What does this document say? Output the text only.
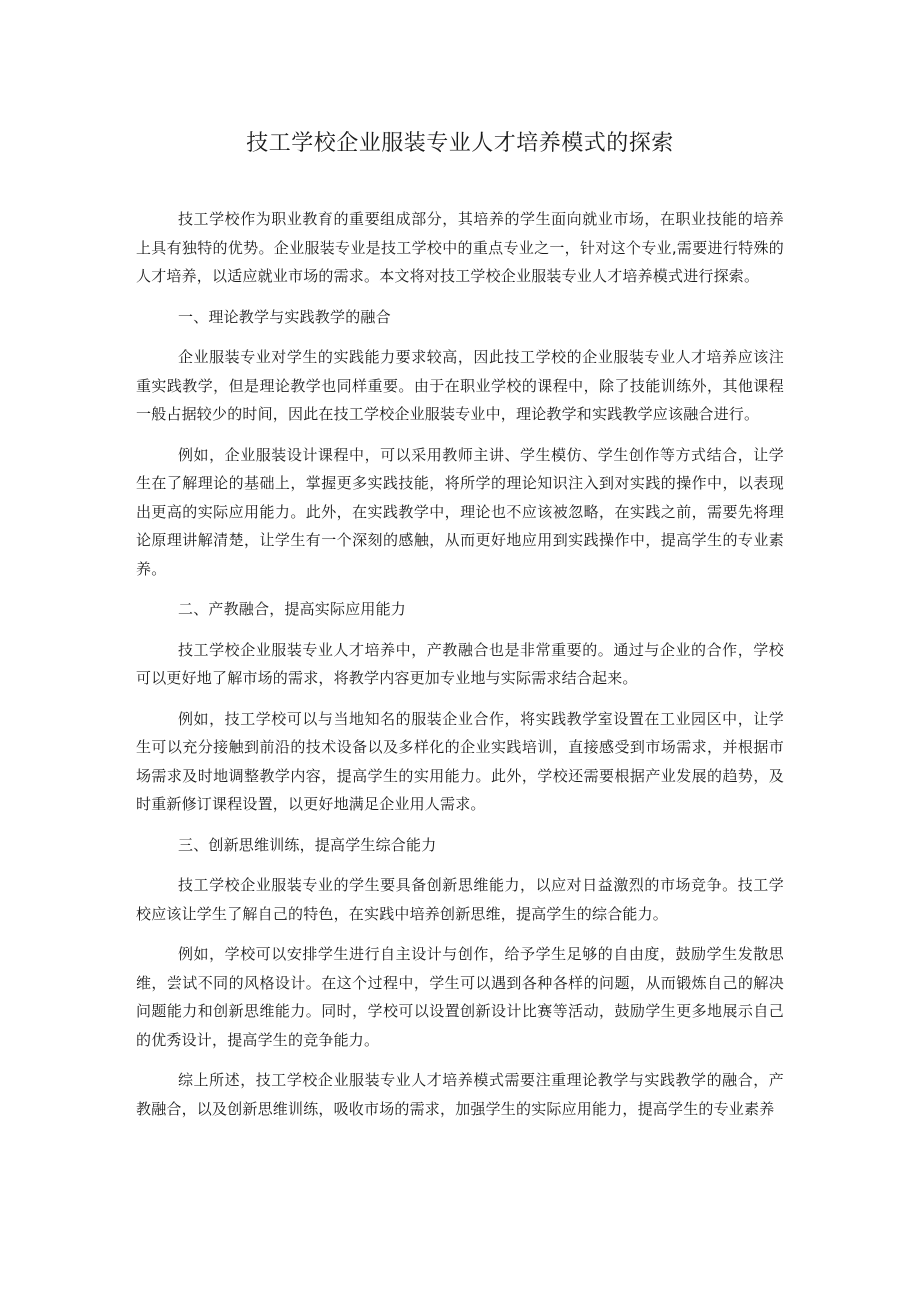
技工学校企业服装专业人才培养模式的探索

技工学校作为职业教育的重要组成部分，其培养的学生面向就业市场，在职业技能的培养上具有独特的优势。企业服装专业是技工学校中的重点专业之一，针对这个专业,需要进行特殊的人才培养，以适应就业市场的需求。本文将对技工学校企业服装专业人才培养模式进行探索。

一、理论教学与实践教学的融合

企业服装专业对学生的实践能力要求较高，因此技工学校的企业服装专业人才培养应该注重实践教学，但是理论教学也同样重要。由于在职业学校的课程中，除了技能训练外，其他课程一般占据较少的时间，因此在技工学校企业服装专业中，理论教学和实践教学应该融合进行。

例如，企业服装设计课程中，可以采用教师主讲、学生模仿、学生创作等方式结合，让学生在了解理论的基础上，掌握更多实践技能，将所学的理论知识注入到对实践的操作中，以表现出更高的实际应用能力。此外，在实践教学中，理论也不应该被忽略，在实践之前，需要先将理论原理讲解清楚，让学生有一个深刻的感触，从而更好地应用到实践操作中，提高学生的专业素养。

二、产教融合，提高实际应用能力

技工学校企业服装专业人才培养中，产教融合也是非常重要的。通过与企业的合作，学校可以更好地了解市场的需求，将教学内容更加专业地与实际需求结合起来。

例如，技工学校可以与当地知名的服装企业合作，将实践教学室设置在工业园区中，让学生可以充分接触到前沿的技术设备以及多样化的企业实践培训，直接感受到市场需求，并根据市场需求及时地调整教学内容，提高学生的实用能力。此外，学校还需要根据产业发展的趋势，及时重新修订课程设置，以更好地满足企业用人需求。

三、创新思维训练，提高学生综合能力

技工学校企业服装专业的学生要具备创新思维能力，以应对日益激烈的市场竞争。技工学校应该让学生了解自己的特色，在实践中培养创新思维，提高学生的综合能力。

例如，学校可以安排学生进行自主设计与创作，给予学生足够的自由度，鼓励学生发散思维，尝试不同的风格设计。在这个过程中，学生可以遇到各种各样的问题，从而锻炼自己的解决问题能力和创新思维能力。同时，学校可以设置创新设计比赛等活动，鼓励学生更多地展示自己的优秀设计，提高学生的竞争能力。

综上所述，技工学校企业服装专业人才培养模式需要注重理论教学与实践教学的融合，产教融合，以及创新思维训练，吸收市场的需求，加强学生的实际应用能力，提高学生的专业素养
